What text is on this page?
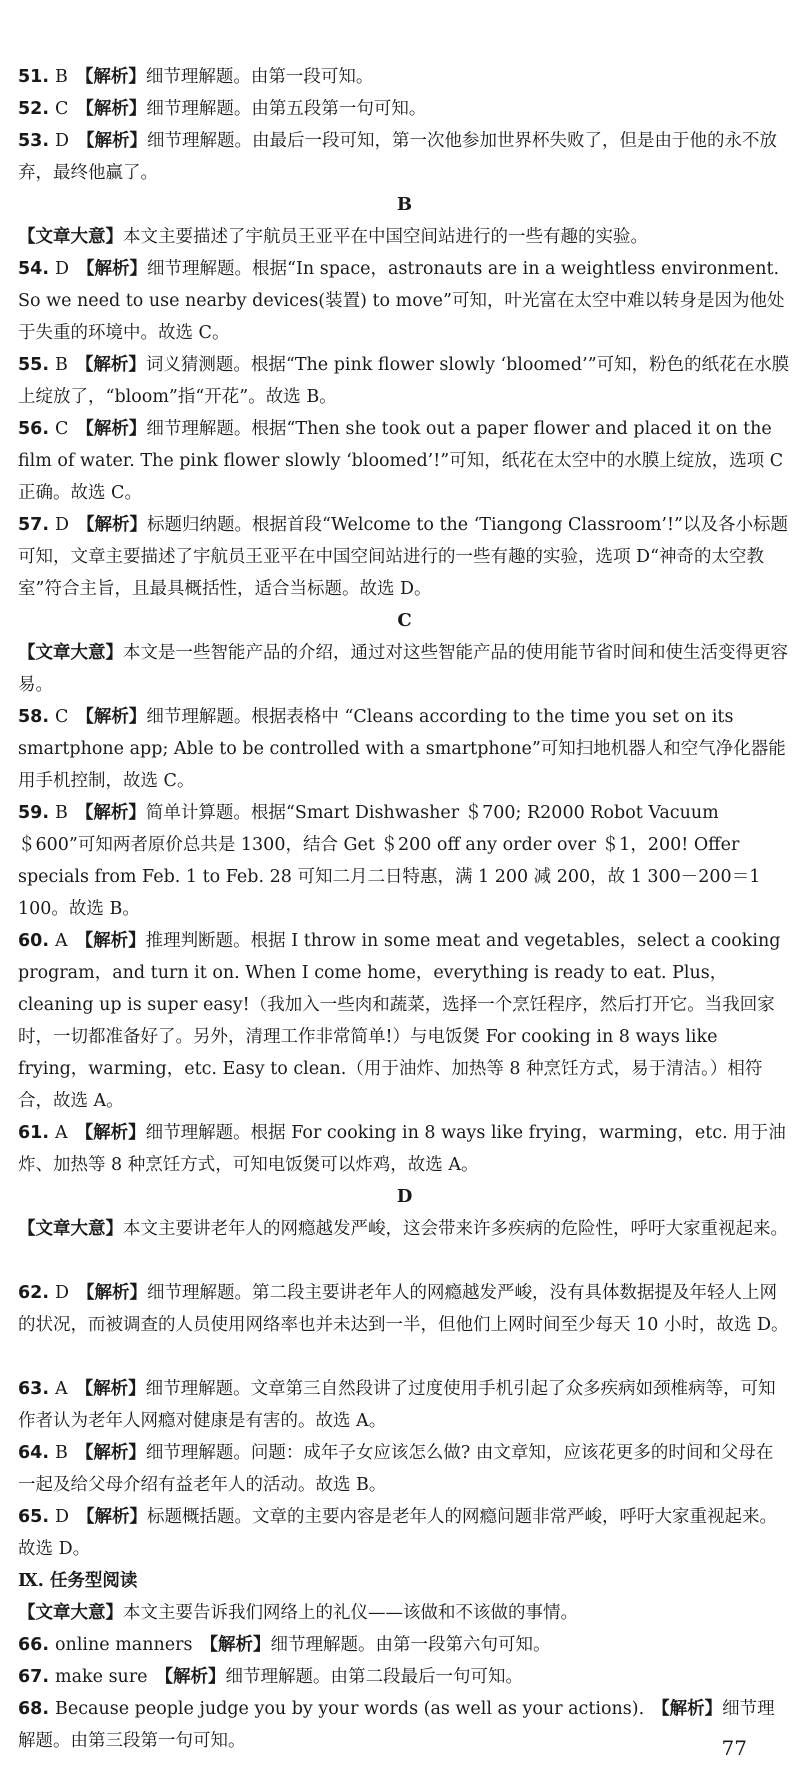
51. B 【解析】细节理解题。由第一段可知。
52. C 【解析】细节理解题。由第五段第一句可知。
53. D 【解析】细节理解题。由最后一段可知，第一次他参加世界杯失败了，但是由于他的永不放弃，最终他赢了。
B
【文章大意】本文主要描述了宇航员王亚平在中国空间站进行的一些有趣的实验。
54. D 【解析】细节理解题。根据“In space，astronauts are in a weightless environment. So we need to use nearby devices(装置) to move”可知，叶光富在太空中难以转身是因为他处于失重的环境中。故选 C。
55. B 【解析】词义猜测题。根据“The pink flower slowly ‘bloomed’”可知，粉色的纸花在水膜上绽放了，“bloom”指“开花”。故选 B。
56. C 【解析】细节理解题。根据“Then she took out a paper flower and placed it on the film of water. The pink flower slowly ‘bloomed’!”可知，纸花在太空中的水膜上绽放，选项 C 正确。故选 C。
57. D 【解析】标题归纳题。根据首段“Welcome to the ‘Tiangong Classroom’!”以及各小标题可知，文章主要描述了宇航员王亚平在中国空间站进行的一些有趣的实验，选项 D“神奇的太空教室”符合主旨，且最具概括性，适合当标题。故选 D。
C
【文章大意】本文是一些智能产品的介绍，通过对这些智能产品的使用能节省时间和使生活变得更容易。
58. C 【解析】细节理解题。根据表格中 “Cleans according to the time you set on its smartphone app; Able to be controlled with a smartphone”可知扫地机器人和空气净化器能用手机控制，故选 C。
59. B 【解析】简单计算题。根据“Smart Dishwasher ＄700; R2000 Robot Vacuum ＄600”可知两者原价总共是 1300，结合 Get ＄200 off any order over ＄1，200! Offer specials from Feb. 1 to Feb. 28 可知二月二日特惠，满 1 200 减 200，故 1 300－200＝1 100。故选 B。
60. A 【解析】推理判断题。根据 I throw in some meat and vegetables，select a cooking program，and turn it on. When I come home，everything is ready to eat. Plus，cleaning up is super easy!（我加入一些肉和蔬菜，选择一个烹饪程序，然后打开它。当我回家时，一切都准备好了。另外，清理工作非常简单!）与电饭煲 For cooking in 8 ways like frying，warming，etc. Easy to clean.（用于油炸、加热等 8 种烹饪方式，易于清洁。）相符合，故选 A。
61. A 【解析】细节理解题。根据 For cooking in 8 ways like frying，warming，etc. 用于油炸、加热等 8 种烹饪方式，可知电饭煲可以炸鸡，故选 A。
D
【文章大意】本文主要讲老年人的网瘾越发严峻，这会带来许多疾病的危险性，呼吁大家重视起来。
62. D 【解析】细节理解题。第二段主要讲老年人的网瘾越发严峻，没有具体数据提及年轻人上网的状况，而被调查的人员使用网络率也并未达到一半，但他们上网时间至少每天 10 小时，故选 D。
63. A 【解析】细节理解题。文章第三自然段讲了过度使用手机引起了众多疾病如颈椎病等，可知作者认为老年人网瘾对健康是有害的。故选 A。
64. B 【解析】细节理解题。问题：成年子女应该怎么做? 由文章知，应该花更多的时间和父母在一起及给父母介绍有益老年人的活动。故选 B。
65. D 【解析】标题概括题。文章的主要内容是老年人的网瘾问题非常严峻，呼吁大家重视起来。故选 D。
Ⅸ. 任务型阅读
【文章大意】本文主要告诉我们网络上的礼仪——该做和不该做的事情。
66. online manners 【解析】细节理解题。由第一段第六句可知。
67. make sure 【解析】细节理解题。由第二段最后一句可知。
68. Because people judge you by your words (as well as your actions). 【解析】细节理解题。由第三段第一句可知。	77
